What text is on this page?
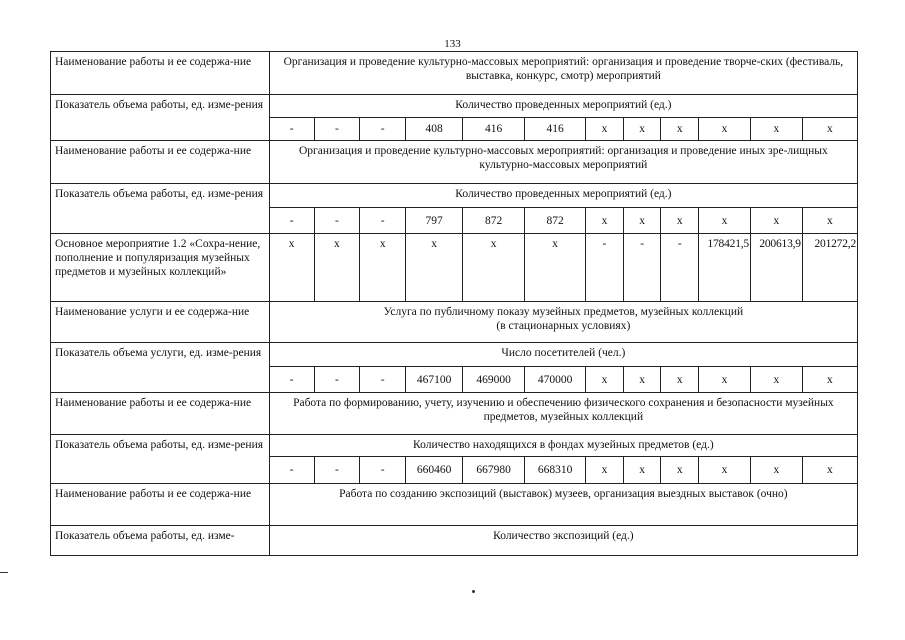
133
Наименование работы и ее содержа-ние	Организация и проведение культурно-массовых мероприятий: организация и проведение творче-ских (фестиваль, выставка, конкурс, смотр) мероприятий											
Показатель объема работы, ед. изме-рения	Количество проведенных мероприятий (ед.)											
	-	-	-	408	416	416	x	x	x	x	x	x
Наименование работы и ее содержа-ние	Организация и проведение культурно-массовых мероприятий: организация и проведение иных зре-лищных культурно-массовых мероприятий											
Показатель объема работы, ед. изме-рения	Количество проведенных мероприятий (ед.)											
	-	-	-	797	872	872	x	x	x	x	x	x
Основное мероприятие 1.2 «Сохра-нение, пополнение и популяризация музейных предметов и музейных коллекций»	x	x	x	x	x	x	-	-	-	178421,5	200613,9	201272,2
Наименование услуги и ее содержа-ние	Услуга по публичному показу музейных предметов, музейных коллекций
(в стационарных условиях)											

Показатель объема услуги, ед. изме-рения	Число посетителей (чел.)											
	-	-	-	467100	469000	470000	x	x	x	x	x	x
Наименование работы и ее содержа-ние	Работа по формированию, учету, изучению и обеспечению физического сохранения и безопасности музейных предметов, музейных коллекций											
Показатель объема работы, ед. изме-рения	Количество находящихся в фондах музейных предметов (ед.)											
	-	-	-	660460	667980	668310	x	x	x	x	x	x
Наименование работы и ее содержа-ние	Работа по созданию экспозиций (выставок) музеев, организация выездных выставок (очно)											
Показатель объема работы, ед. изме-	Количество экспозиций (ед.)											
